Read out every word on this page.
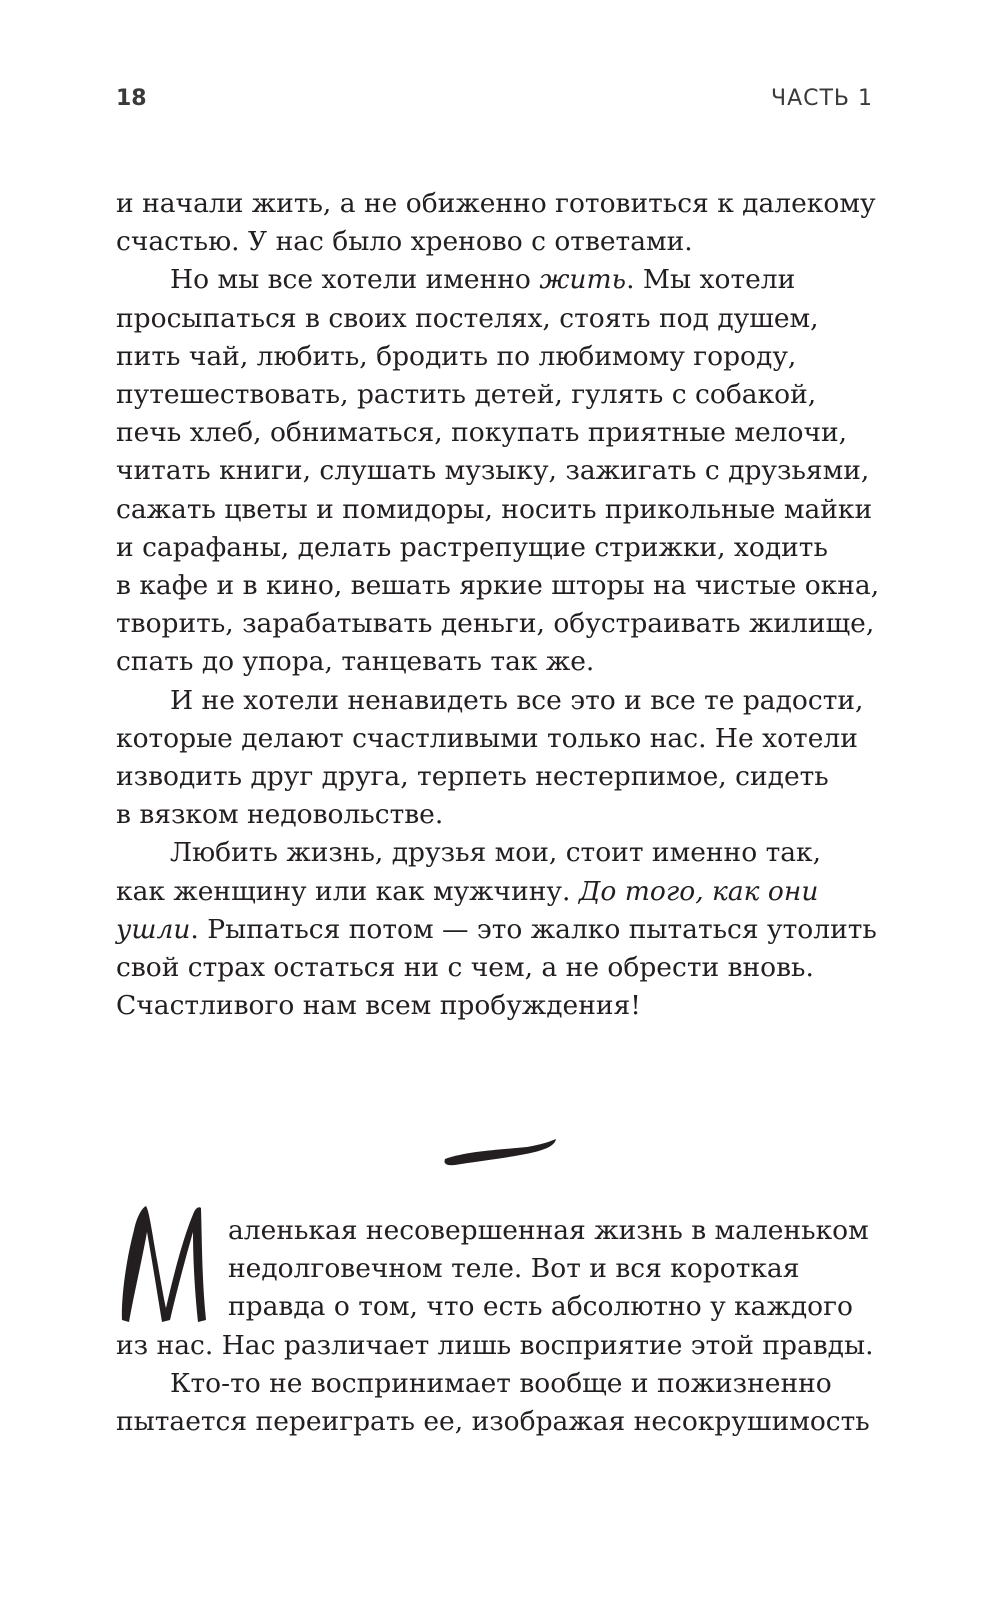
18	ЧАСТЬ 1
и начали жить, а не обиженно готовиться к далекому
счастью. У нас было хреново с ответами.
Но мы все хотели именно жить. Мы хотели
просыпаться в своих постелях, стоять под душем,
пить чай, любить, бродить по любимому городу,
путешествовать, растить детей, гулять с собакой,
печь хлеб, обниматься, покупать приятные мелочи,
читать книги, слушать музыку, зажигать с друзьями,
сажать цветы и помидоры, носить прикольные майки
и сарафаны, делать растрепущие стрижки, ходить
в кафе и в кино, вешать яркие шторы на чистые окна,
творить, зарабатывать деньги, обустраивать жилище,
спать до упора, танцевать так же.
И не хотели ненавидеть все это и все те радости,
которые делают счастливыми только нас. Не хотели
изводить друг друга, терпеть нестерпимое, сидеть
в вязком недовольстве.
Любить жизнь, друзья мои, стоит именно так,
как женщину или как мужчину. До того, как они
ушли. Рыпаться потом — это жалко пытаться утолить
свой страх остаться ни с чем, а не обрести вновь.
Счастливого нам всем пробуждения!
аленькая несовершенная жизнь в маленьком
недолговечном теле. Вот и вся короткая
правда о том, что есть абсолютно у каждого
из нас. Нас различает лишь восприятие этой правды.
Кто-то не воспринимает вообще и пожизненно
пытается переиграть ее, изображая несокрушимость
